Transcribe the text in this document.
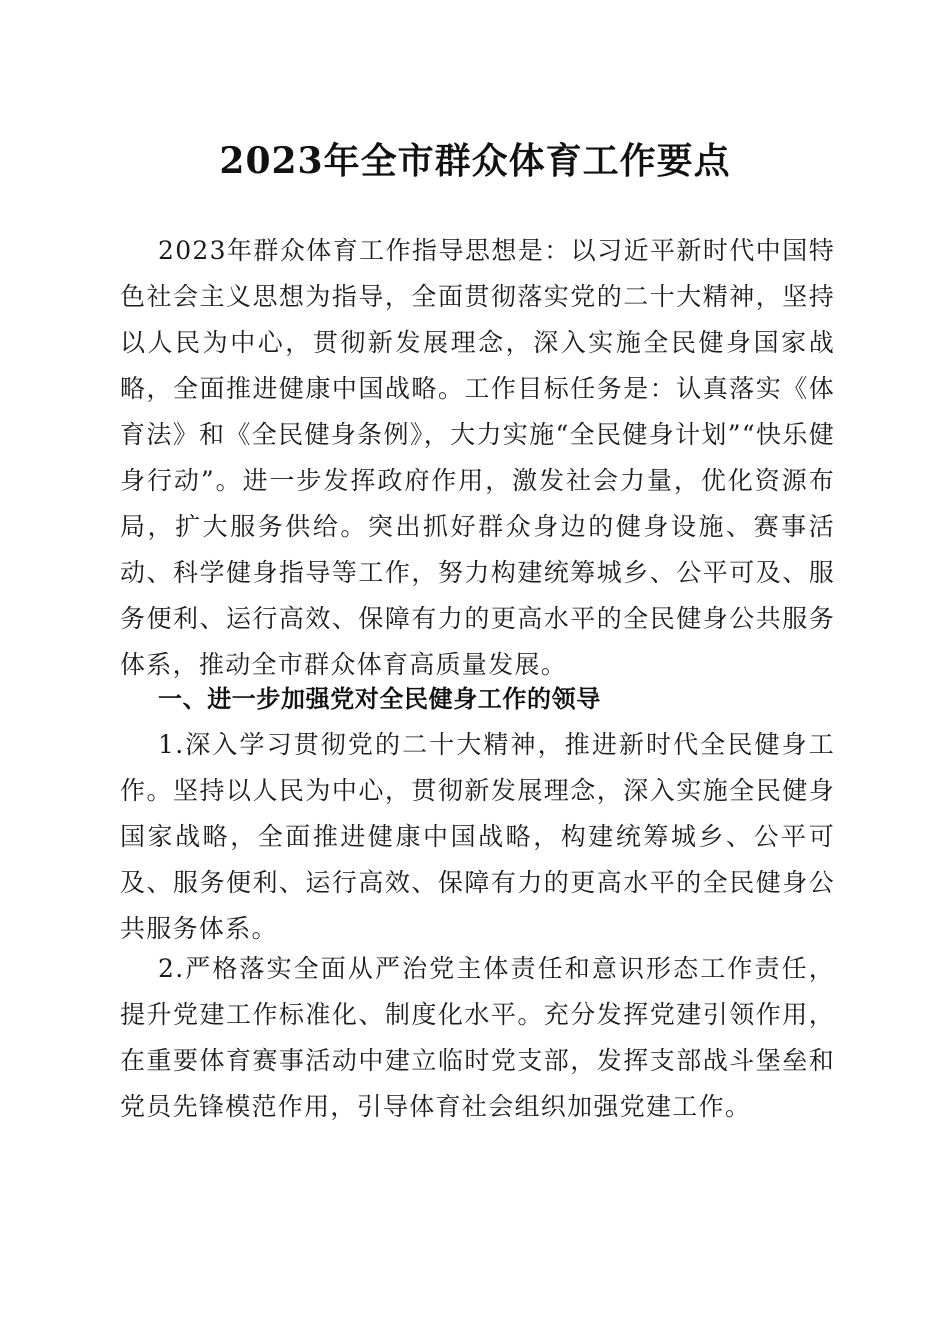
2023年全市群众体育工作要点

2023年群众体育工作指导思想是：以习近平新时代中国特色社会主义思想为指导，全面贯彻落实党的二十大精神，坚持以人民为中心，贯彻新发展理念，深入实施全民健身国家战略，全面推进健康中国战略。工作目标任务是：认真落实《体育法》和《全民健身条例》，大力实施“全民健身计划”“快乐健身行动”。进一步发挥政府作用，激发社会力量，优化资源布局，扩大服务供给。突出抓好群众身边的健身设施、赛事活动、科学健身指导等工作，努力构建统筹城乡、公平可及、服务便利、运行高效、保障有力的更高水平的全民健身公共服务体系，推动全市群众体育高质量发展。

一、进一步加强党对全民健身工作的领导

1.深入学习贯彻党的二十大精神，推进新时代全民健身工作。坚持以人民为中心，贯彻新发展理念，深入实施全民健身国家战略，全面推进健康中国战略，构建统筹城乡、公平可及、服务便利、运行高效、保障有力的更高水平的全民健身公共服务体系。

2.严格落实全面从严治党主体责任和意识形态工作责任，提升党建工作标准化、制度化水平。充分发挥党建引领作用，在重要体育赛事活动中建立临时党支部，发挥支部战斗堡垒和党员先锋模范作用，引导体育社会组织加强党建工作。
